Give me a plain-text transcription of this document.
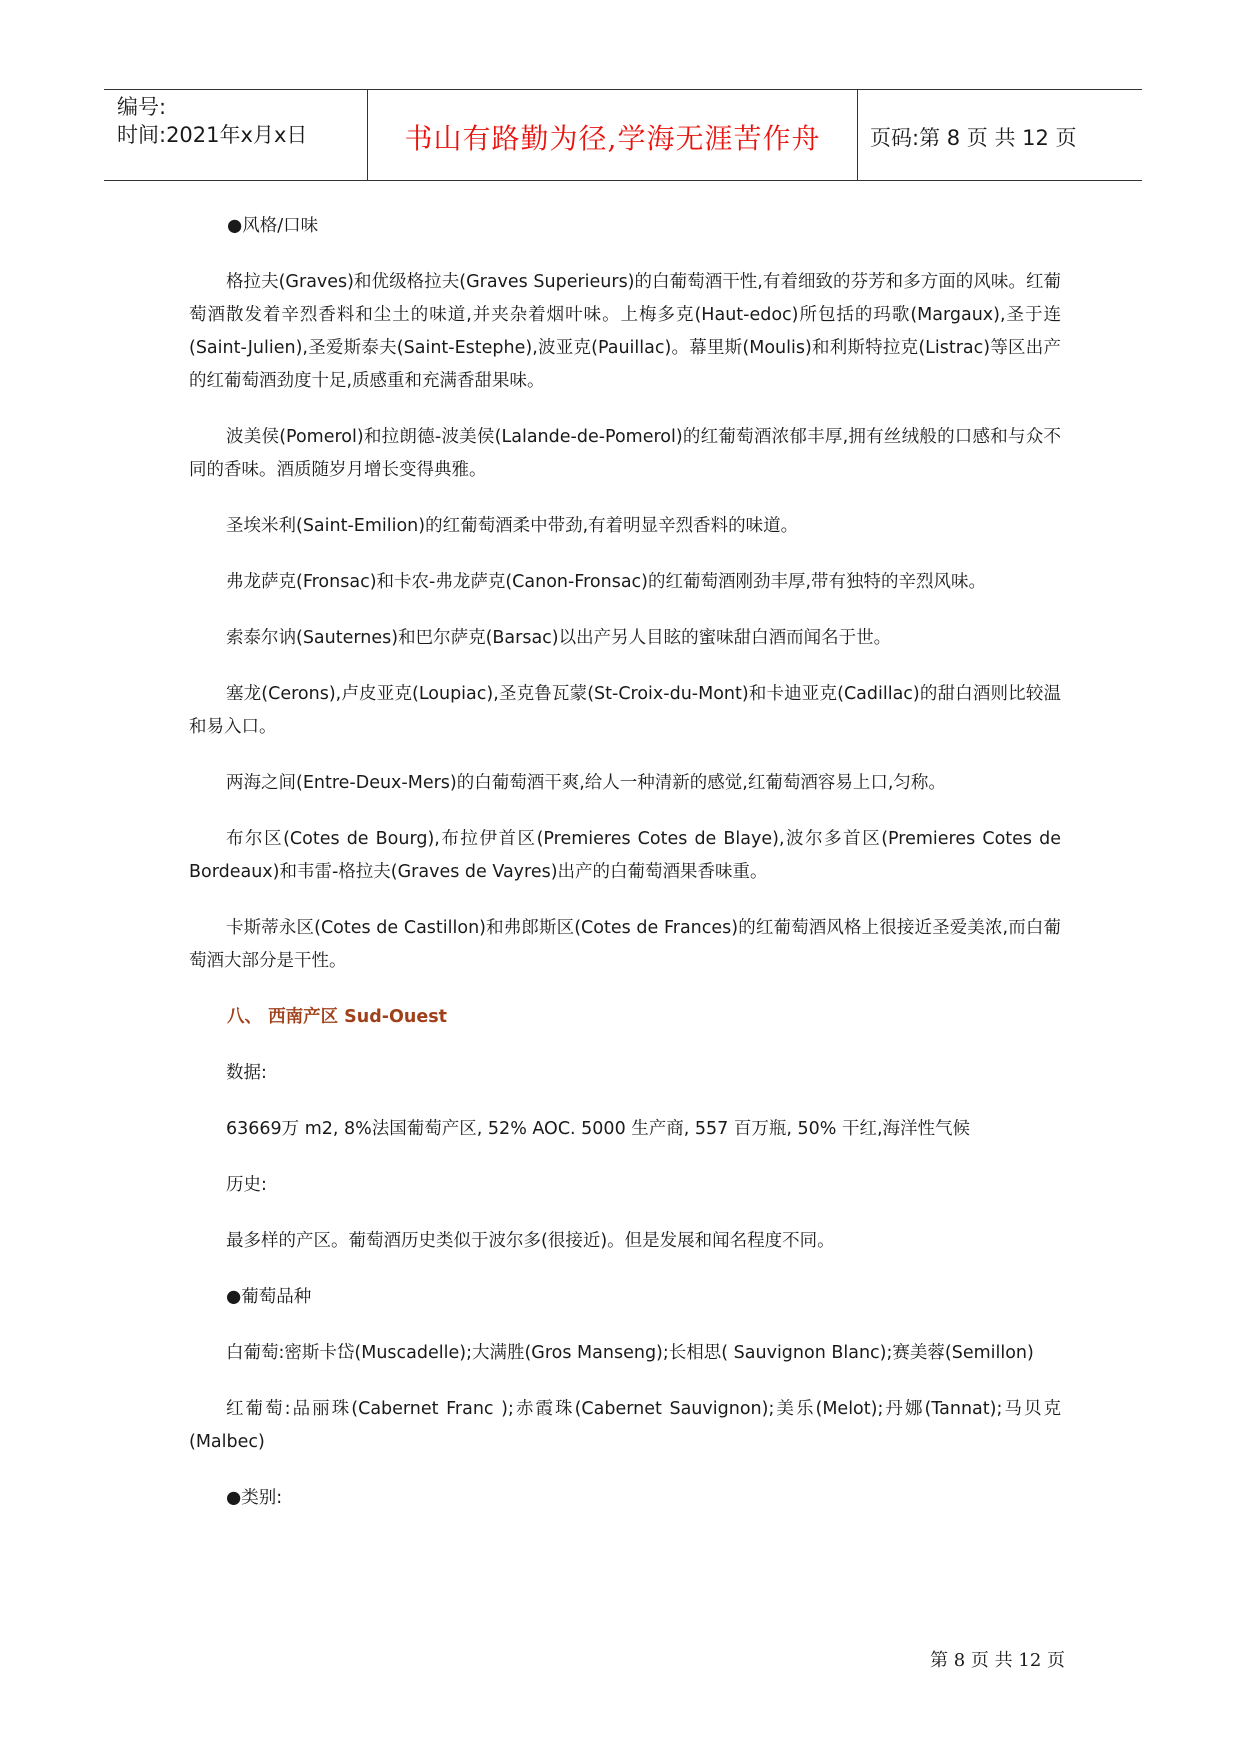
编号:
时间:2021年x月x日	书山有路勤为径,学海无涯苦作舟	页码:第 8 页 共 12 页

●风格/口味

格拉夫(Graves)和优级格拉夫(Graves Superieurs)的白葡萄酒干性,有着细致的芬芳和多方面的风味。红葡萄酒散发着辛烈香料和尘土的味道,并夹杂着烟叶味。上梅多克(Haut-edoc)所包括的玛歌(Margaux),圣于连(Saint-Julien),圣爱斯泰夫(Saint-Estephe),波亚克(Pauillac)。幕里斯(Moulis)和利斯特拉克(Listrac)等区出产的红葡萄酒劲度十足,质感重和充满香甜果味。

波美侯(Pomerol)和拉朗德-波美侯(Lalande-de-Pomerol)的红葡萄酒浓郁丰厚,拥有丝绒般的口感和与众不同的香味。酒质随岁月增长变得典雅。

圣埃米利(Saint-Emilion)的红葡萄酒柔中带劲,有着明显辛烈香料的味道。

弗龙萨克(Fronsac)和卡农-弗龙萨克(Canon-Fronsac)的红葡萄酒刚劲丰厚,带有独特的辛烈风味。

索泰尔讷(Sauternes)和巴尔萨克(Barsac)以出产另人目眩的蜜味甜白酒而闻名于世。

塞龙(Cerons),卢皮亚克(Loupiac),圣克鲁瓦蒙(St-Croix-du-Mont)和卡迪亚克(Cadillac)的甜白酒则比较温和易入口。

两海之间(Entre-Deux-Mers)的白葡萄酒干爽,给人一种清新的感觉,红葡萄酒容易上口,匀称。

布尔区(Cotes de Bourg),布拉伊首区(Premieres Cotes de Blaye),波尔多首区(Premieres Cotes de Bordeaux)和韦雷-格拉夫(Graves de Vayres)出产的白葡萄酒果香味重。

卡斯蒂永区(Cotes de Castillon)和弗郎斯区(Cotes de Frances)的红葡萄酒风格上很接近圣爱美浓,而白葡萄酒大部分是干性。

八、 西南产区 Sud-Ouest

数据:

63669万 m2, 8%法国葡萄产区, 52% AOC. 5000 生产商, 557 百万瓶, 50% 干红,海洋性气候

历史:

最多样的产区。葡萄酒历史类似于波尔多(很接近)。但是发展和闻名程度不同。

●葡萄品种

白葡萄:密斯卡岱(Muscadelle);大满胜(Gros Manseng);长相思( Sauvignon Blanc);赛美蓉(Semillon)

红葡萄:品丽珠(Cabernet Franc );赤霞珠(Cabernet Sauvignon);美乐(Melot);丹娜(Tannat);马贝克(Malbec)

●类别:

第 8 页 共 12 页
